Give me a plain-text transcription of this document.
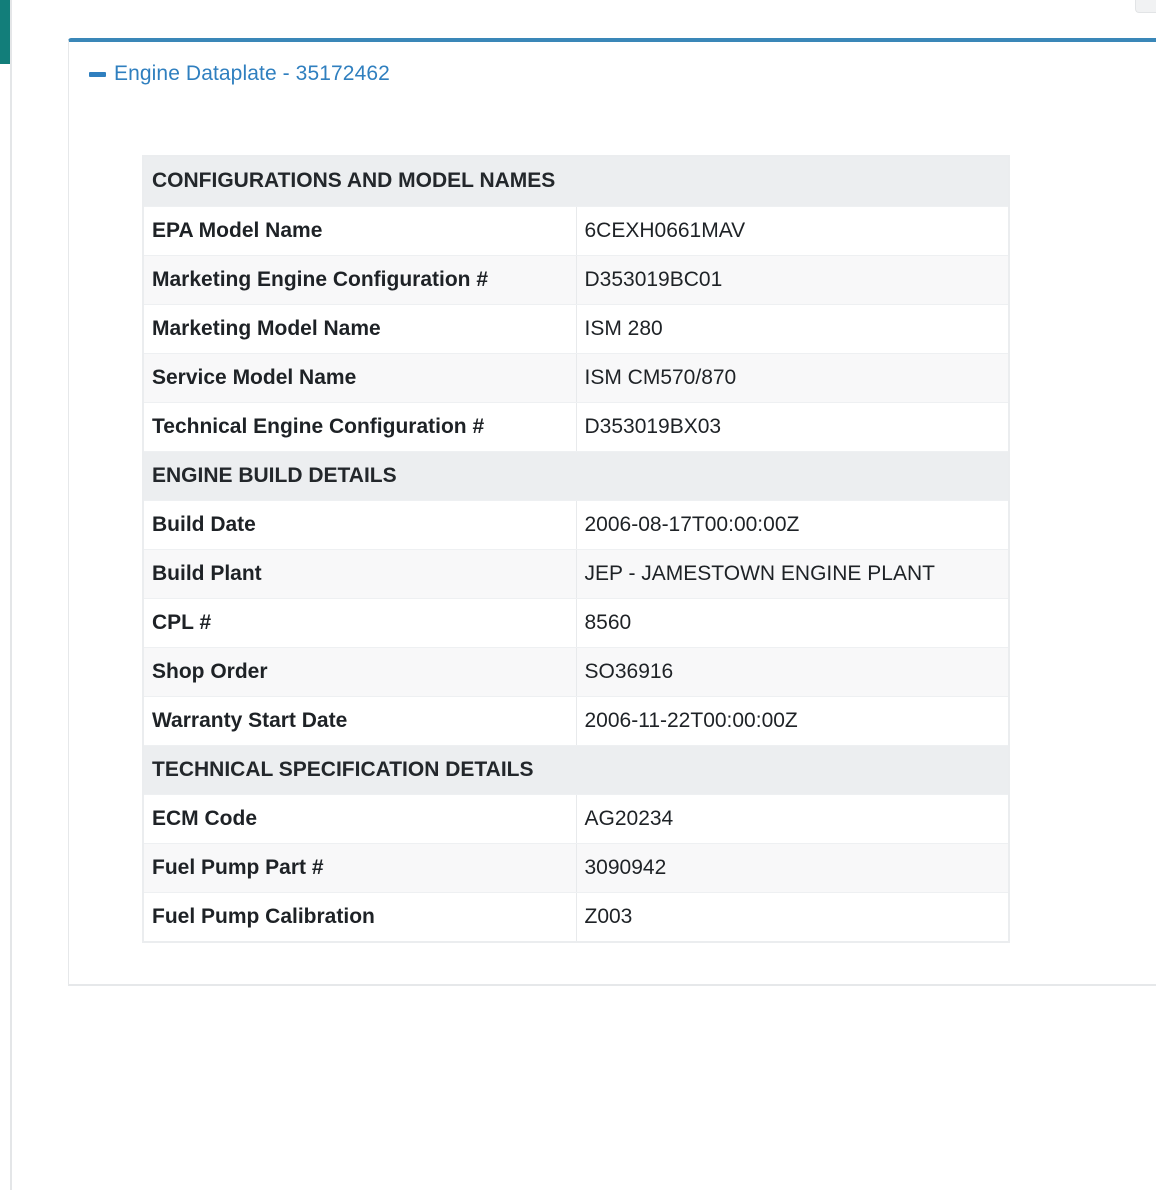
Engine Dataplate - 35172462
CONFIGURATIONS AND MODEL NAMES	
EPA Model Name	6CEXH0661MAV
Marketing Engine Configuration #	D353019BC01
Marketing Model Name	ISM 280
Service Model Name	ISM CM570/870
Technical Engine Configuration #	D353019BX03
ENGINE BUILD DETAILS	
Build Date	2006-08-17T00:00:00Z
Build Plant	JEP - JAMESTOWN ENGINE PLANT
CPL #	8560
Shop Order	SO36916
Warranty Start Date	2006-11-22T00:00:00Z
TECHNICAL SPECIFICATION DETAILS	
ECM Code	AG20234
Fuel Pump Part #	3090942
Fuel Pump Calibration	Z003
